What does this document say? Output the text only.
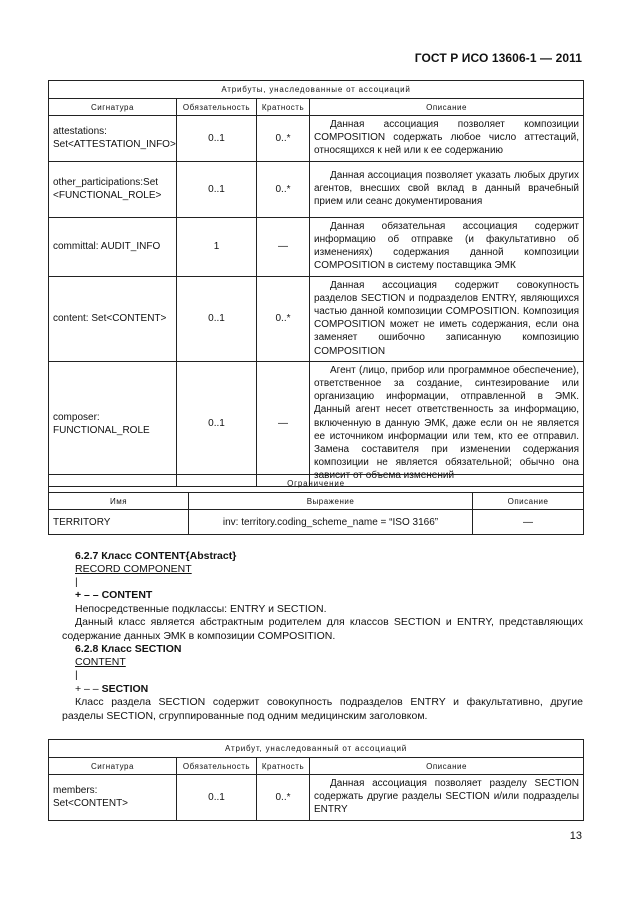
ГОСТ Р ИСО 13606-1 — 2011
Атрибуты, унаследованные от ассоциаций			
Сигнатура	Обязательность	Кратность	Описание
attestations: Set<ATTESTATION_INFO>	0..1	0..*	Данная ассоциация позволяет композиции COMPOSITION содержать любое число аттестаций, относящихся к ней или к ее содержанию

other_participations:Set <FUNCTIONAL_ROLE>	0..1	0..*	Данная ассоциация позволяет указать любых других агентов, внесших свой вклад в данный врачебный прием или сеанс документирования

committal: AUDIT_INFO	1	—	Данная обязательная ассоциация содержит информацию об отправке (и факультативно об изменениях) содержания данной композиции COMPOSITION в систему поставщика ЭМК

content: Set<CONTENT>	0..1	0..*	Данная ассоциация содержит совокупность разделов SECTION и подразделов ENTRY, являющихся частью данной композиции COMPOSITION. Композиция COMPOSITION может не иметь содержания, если она заменяет ошибочно записанную композицию COMPOSITION

composer: FUNCTIONAL_ROLE	0..1	—	Агент (лицо, прибор или программное обеспечение), ответственное за создание, синтезирование или организацию информации, отправленной в ЭМК. Данный агент несет ответственность за информацию, включенную в данную ЭМК, даже если он не является ее источником информации или тем, кто ее отправил. Замена составителя при изменении содержания композиции не является обязательной; обычно она зависит от объема изменений
Ограничение		
Имя	Выражение	Описание
TERRITORY	inv: territory.coding_scheme_name = “ISO 3166”	—
6.2.7 Класс CONTENT{Abstract}
RECORD COMPONENT
|
+ – – CONTENT
Непосредственные подклассы: ENTRY и SECTION.
Данный класс является абстрактным родителем для классов SECTION и ENTRY, представляющих содержание данных ЭМК в композиции COMPOSITION.
6.2.8 Класс SECTION
CONTENT
|
+ – – SECTION
Класс раздела SECTION содержит совокупность подразделов ENTRY и факультативно, другие разделы SECTION, сгруппированные под одним медицинским заголовком.
Атрибут, унаследованный от ассоциаций			
Сигнатура	Обязательность	Кратность	Описание
members: Set<CONTENT>	0..1	0..*	Данная ассоциация позволяет разделу SECTION содержать другие разделы SECTION и/или подразделы ENTRY
13
